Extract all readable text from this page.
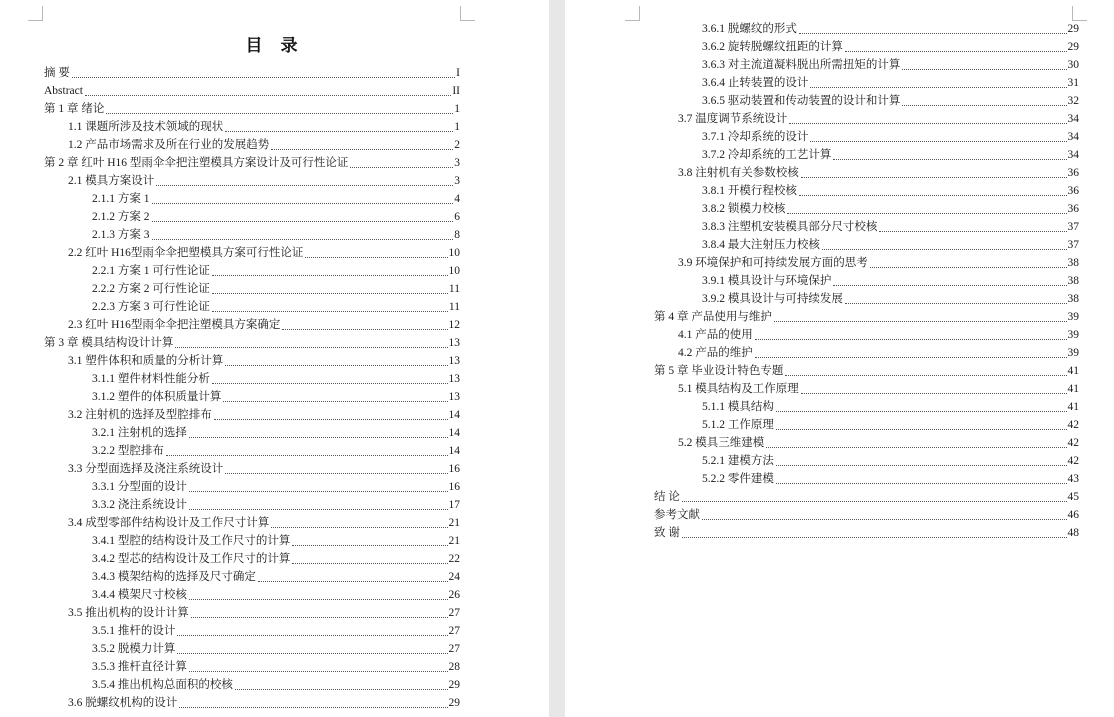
目 录
摘 要	I
Abstract	II
第 1 章 绪论	1
1.1 课题所涉及技术领域的现状	1
1.2 产品市场需求及所在行业的发展趋势	2
第 2 章 红叶 H16 型雨伞伞把注塑模具方案设计及可行性论证	3
2.1 模具方案设计	3
2.1.1 方案 1	4
2.1.2 方案 2	6
2.1.3 方案 3	8
2.2 红叶 H16型雨伞伞把塑模具方案可行性论证	10
2.2.1 方案 1 可行性论证	10
2.2.2 方案 2 可行性论证	11
2.2.3 方案 3 可行性论证	11
2.3 红叶 H16型雨伞伞把注塑模具方案确定	12
第 3 章 模具结构设计计算	13
3.1 塑件体积和质量的分析计算	13
3.1.1 塑件材料性能分析	13
3.1.2 塑件的体积质量计算	13
3.2 注射机的选择及型腔排布	14
3.2.1 注射机的选择	14
3.2.2 型腔排布	14
3.3 分型面选择及浇注系统设计	16
3.3.1 分型面的设计	16
3.3.2 浇注系统设计	17
3.4 成型零部件结构设计及工作尺寸计算	21
3.4.1 型腔的结构设计及工作尺寸的计算	21
3.4.2 型芯的结构设计及工作尺寸的计算	22
3.4.3 模架结构的选择及尺寸确定	24
3.4.4 模架尺寸校核	26
3.5 推出机构的设计计算	27
3.5.1 推杆的设计	27
3.5.2 脱模力计算	27
3.5.3 推杆直径计算	28
3.5.4 推出机构总面积的校核	29
3.6 脱螺纹机构的设计	29
3.6.1 脱螺纹的形式	29
3.6.2 旋转脱螺纹扭距的计算	29
3.6.3 对主流道凝料脱出所需扭矩的计算	30
3.6.4 止转装置的设计	31
3.6.5 驱动装置和传动装置的设计和计算	32
3.7 温度调节系统设计	34
3.7.1 冷却系统的设计	34
3.7.2 冷却系统的工艺计算	34
3.8 注射机有关参数校核	36
3.8.1 开模行程校核	36
3.8.2 锁模力校核	36
3.8.3 注塑机安装模具部分尺寸校核	37
3.8.4 最大注射压力校核	37
3.9 环境保护和可持续发展方面的思考	38
3.9.1 模具设计与环境保护	38
3.9.2 模具设计与可持续发展	38
第 4 章 产品使用与维护	39
4.1 产品的使用	39
4.2 产品的维护	39
第 5 章 毕业设计特色专题	41
5.1 模具结构及工作原理	41
5.1.1 模具结构	41
5.1.2 工作原理	42
5.2 模具三维建模	42
5.2.1 建模方法	42
5.2.2 零件建模	43
结 论	45
参考文献	46
致 谢	48
